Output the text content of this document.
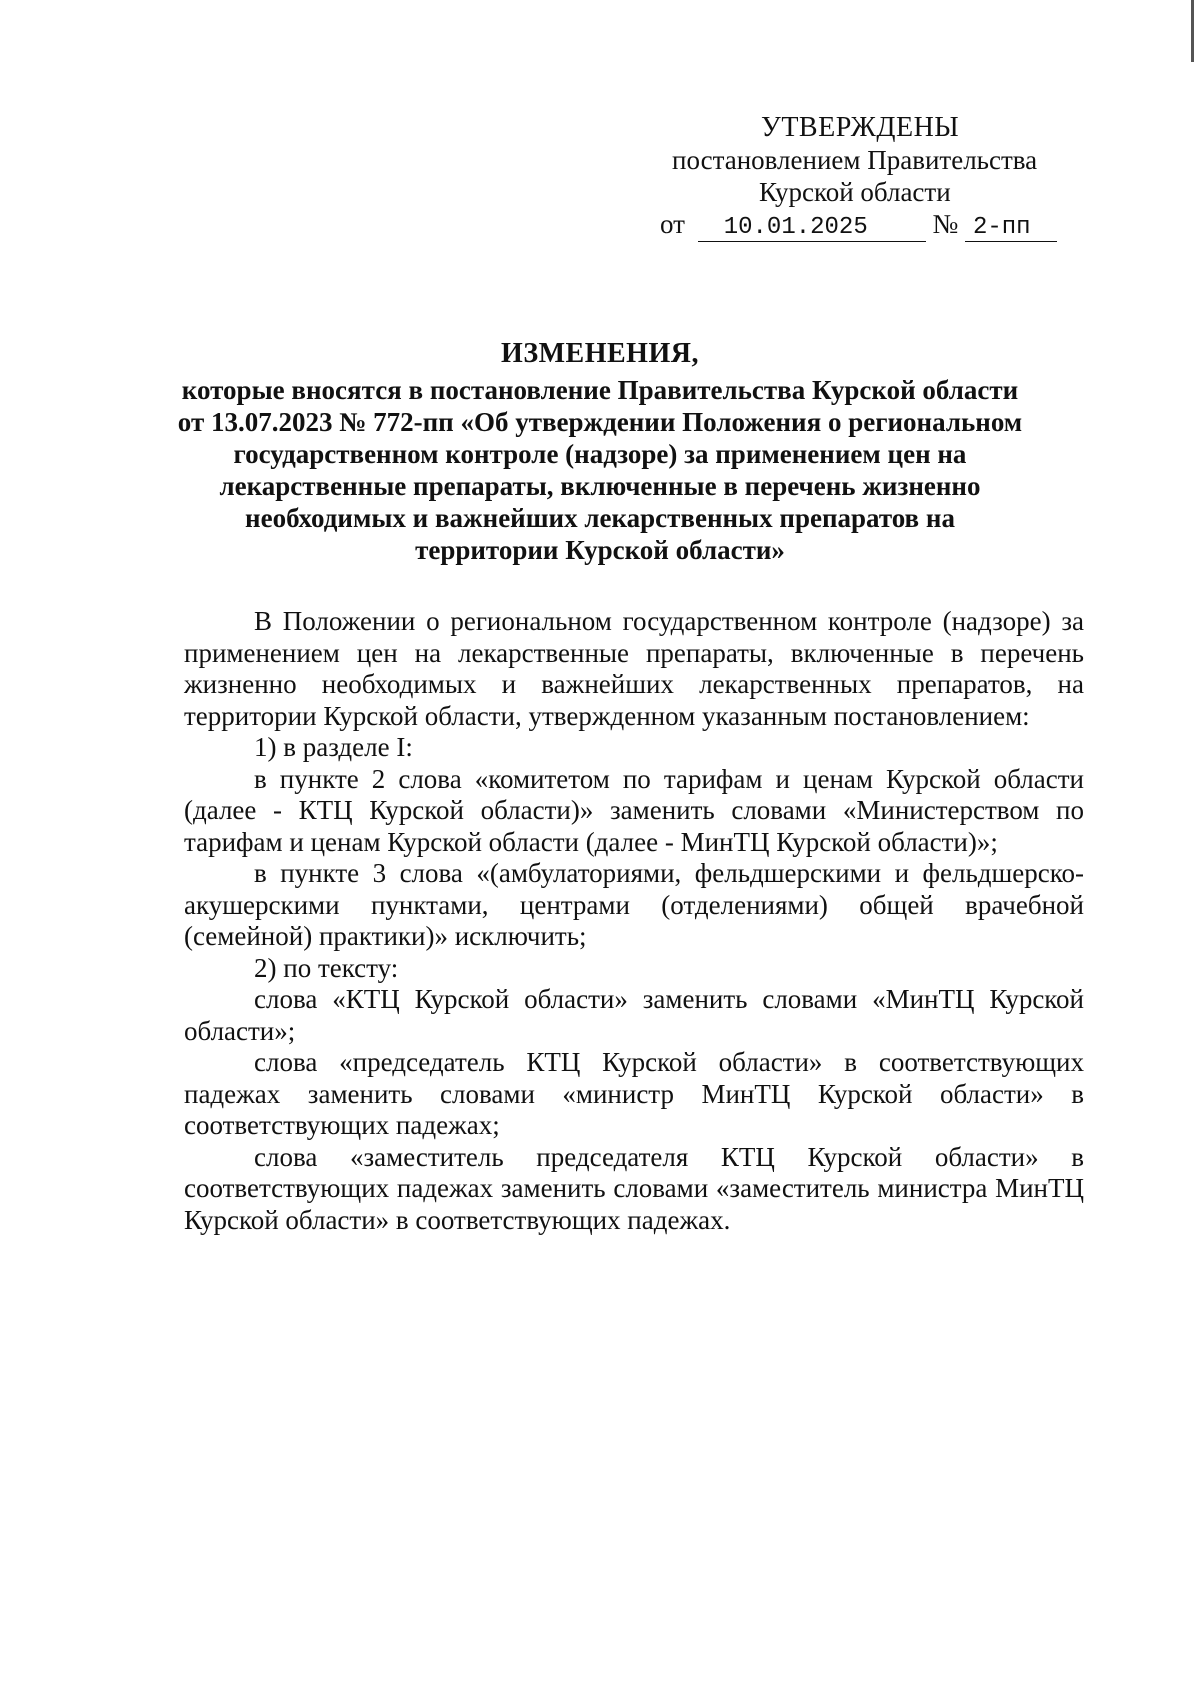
УТВЕРЖДЕНЫ
постановлением Правительства
Курской области
от 10.01.2025 № 2-пп
ИЗМЕНЕНИЯ,
которые вносятся в постановление Правительства Курской области
от 13.07.2023 № 772-пп «Об утверждении Положения о региональном
государственном контроле (надзоре) за применением цен на
лекарственные препараты, включенные в перечень жизненно
необходимых и важнейших лекарственных препаратов на
территории Курской области»

В Положении о региональном государственном контроле (надзоре) за применением цен на лекарственные препараты, включенные в перечень жизненно необходимых и важнейших лекарственных препаратов, на территории Курской области, утвержденном указанным постановлением:

1) в разделе I:

в пункте 2 слова «комитетом по тарифам и ценам Курской области (далее - КТЦ Курской области)» заменить словами «Министерством по тарифам и ценам Курской области (далее - МинТЦ Курской области)»;

в пункте 3 слова «(амбулаториями, фельдшерскими и фельдшерско-акушерскими пунктами, центрами (отделениями) общей врачебной (семейной) практики)» исключить;

2) по тексту:

слова «КТЦ Курской области» заменить словами «МинТЦ Курской области»;

слова «председатель КТЦ Курской области» в соответствующих падежах заменить словами «министр МинТЦ Курской области» в соответствующих падежах;

слова «заместитель председателя КТЦ Курской области» в соответствующих падежах заменить словами «заместитель министра МинТЦ Курской области» в соответствующих падежах.
